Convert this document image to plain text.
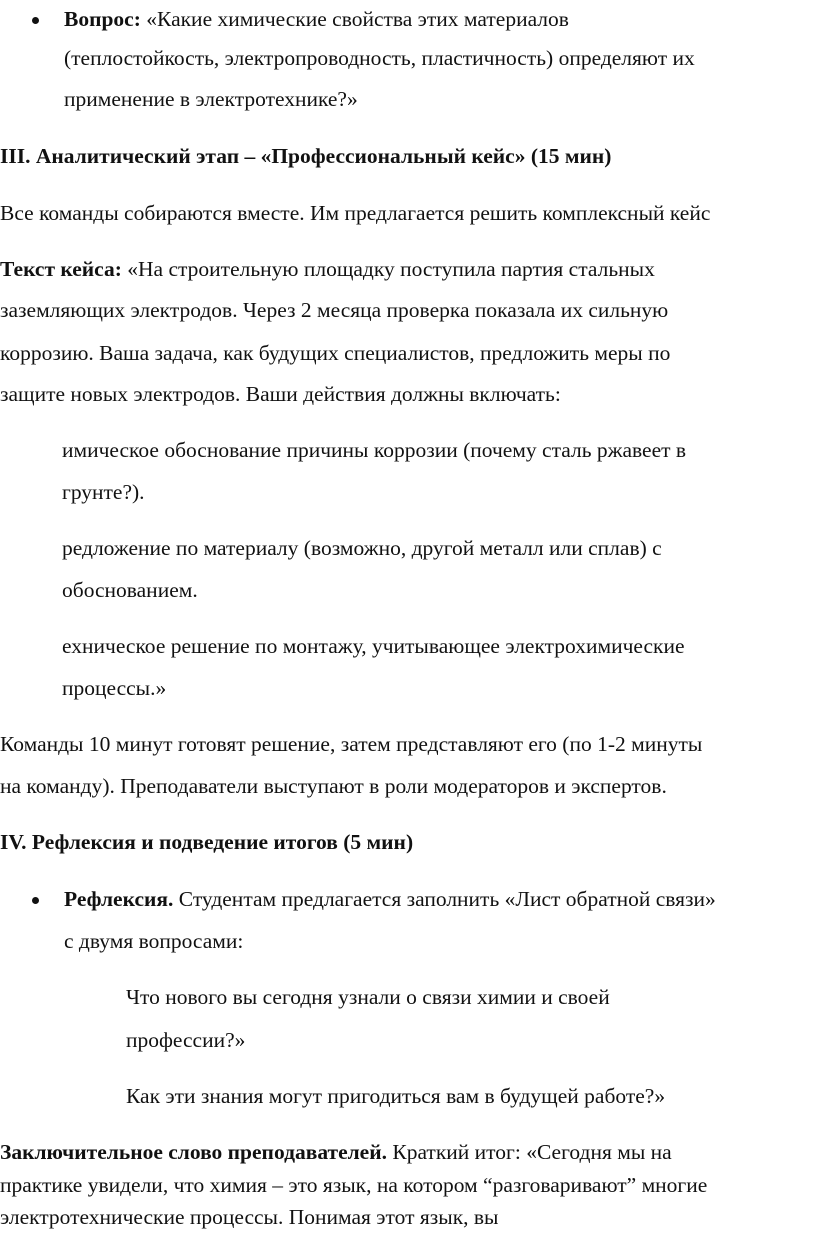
Вопрос: «Какие химические свойства этих материалов
(теплостойкость, электропроводность, пластичность) определяют их
применение в электротехнике?»
III. Аналитический этап – «Профессиональный кейс» (15 мин)
Все команды собираются вместе. Им предлагается решить комплексный кейс
Текст кейса: «На строительную площадку поступила партия стальных
заземляющих электродов. Через 2 месяца проверка показала их сильную
коррозию. Ваша задача, как будущих специалистов, предложить меры по
защите новых электродов. Ваши действия должны включать:
имическое обоснование причины коррозии (почему сталь ржавеет в
грунте?).
редложение по материалу (возможно, другой металл или сплав) с
обоснованием.
ехническое решение по монтажу, учитывающее электрохимические
процессы.»
Команды 10 минут готовят решение, затем представляют его (по 1-2 минуты
на команду). Преподаватели выступают в роли модераторов и экспертов.
IV. Рефлексия и подведение итогов (5 мин)
Рефлексия. Студентам предлагается заполнить «Лист обратной связи»
с двумя вопросами:
Что нового вы сегодня узнали о связи химии и своей
профессии?»
Как эти знания могут пригодиться вам в будущей работе?»
Заключительное слово преподавателей. Краткий итог: «Сегодня мы на
практике увидели, что химия – это язык, на котором “разговаривают” многие
электротехнические процессы. Понимая этот язык, вы
